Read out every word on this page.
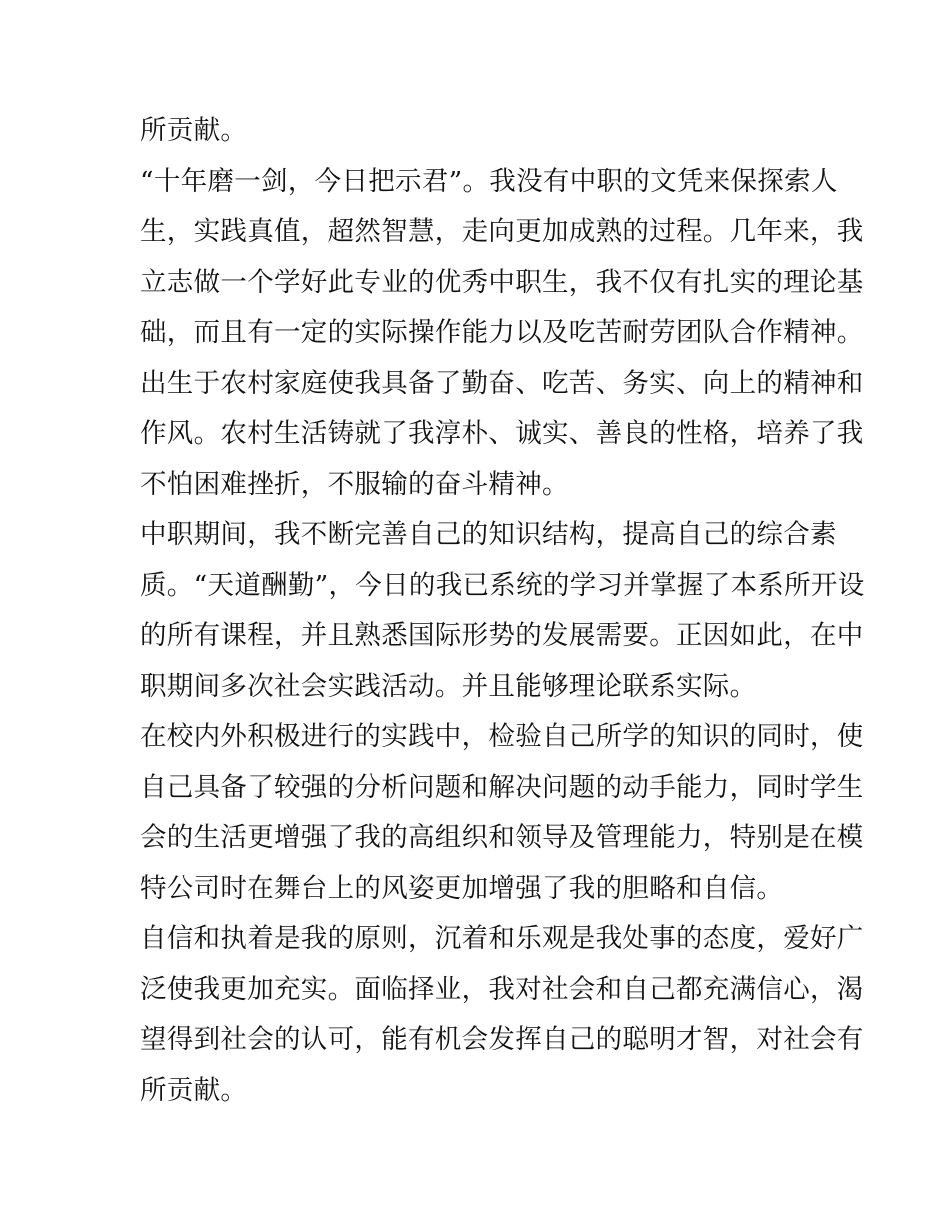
所贡献。
“十年磨一剑，今日把示君”。我没有中职的文凭来保探索人
生，实践真值，超然智慧，走向更加成熟的过程。几年来，我
立志做一个学好此专业的优秀中职生，我不仅有扎实的理论基
础，而且有一定的实际操作能力以及吃苦耐劳团队合作精神。
出生于农村家庭使我具备了勤奋、吃苦、务实、向上的精神和
作风。农村生活铸就了我淳朴、诚实、善良的性格，培养了我
不怕困难挫折，不服输的奋斗精神。
中职期间，我不断完善自己的知识结构，提高自己的综合素
质。“天道酬勤”，今日的我已系统的学习并掌握了本系所开设
的所有课程，并且熟悉国际形势的发展需要。正因如此，在中
职期间多次社会实践活动。并且能够理论联系实际。
在校内外积极进行的实践中，检验自己所学的知识的同时，使
自己具备了较强的分析问题和解决问题的动手能力，同时学生
会的生活更增强了我的高组织和领导及管理能力，特别是在模
特公司时在舞台上的风姿更加增强了我的胆略和自信。
自信和执着是我的原则，沉着和乐观是我处事的态度，爱好广
泛使我更加充实。面临择业，我对社会和自己都充满信心，渴
望得到社会的认可，能有机会发挥自己的聪明才智，对社会有
所贡献。
